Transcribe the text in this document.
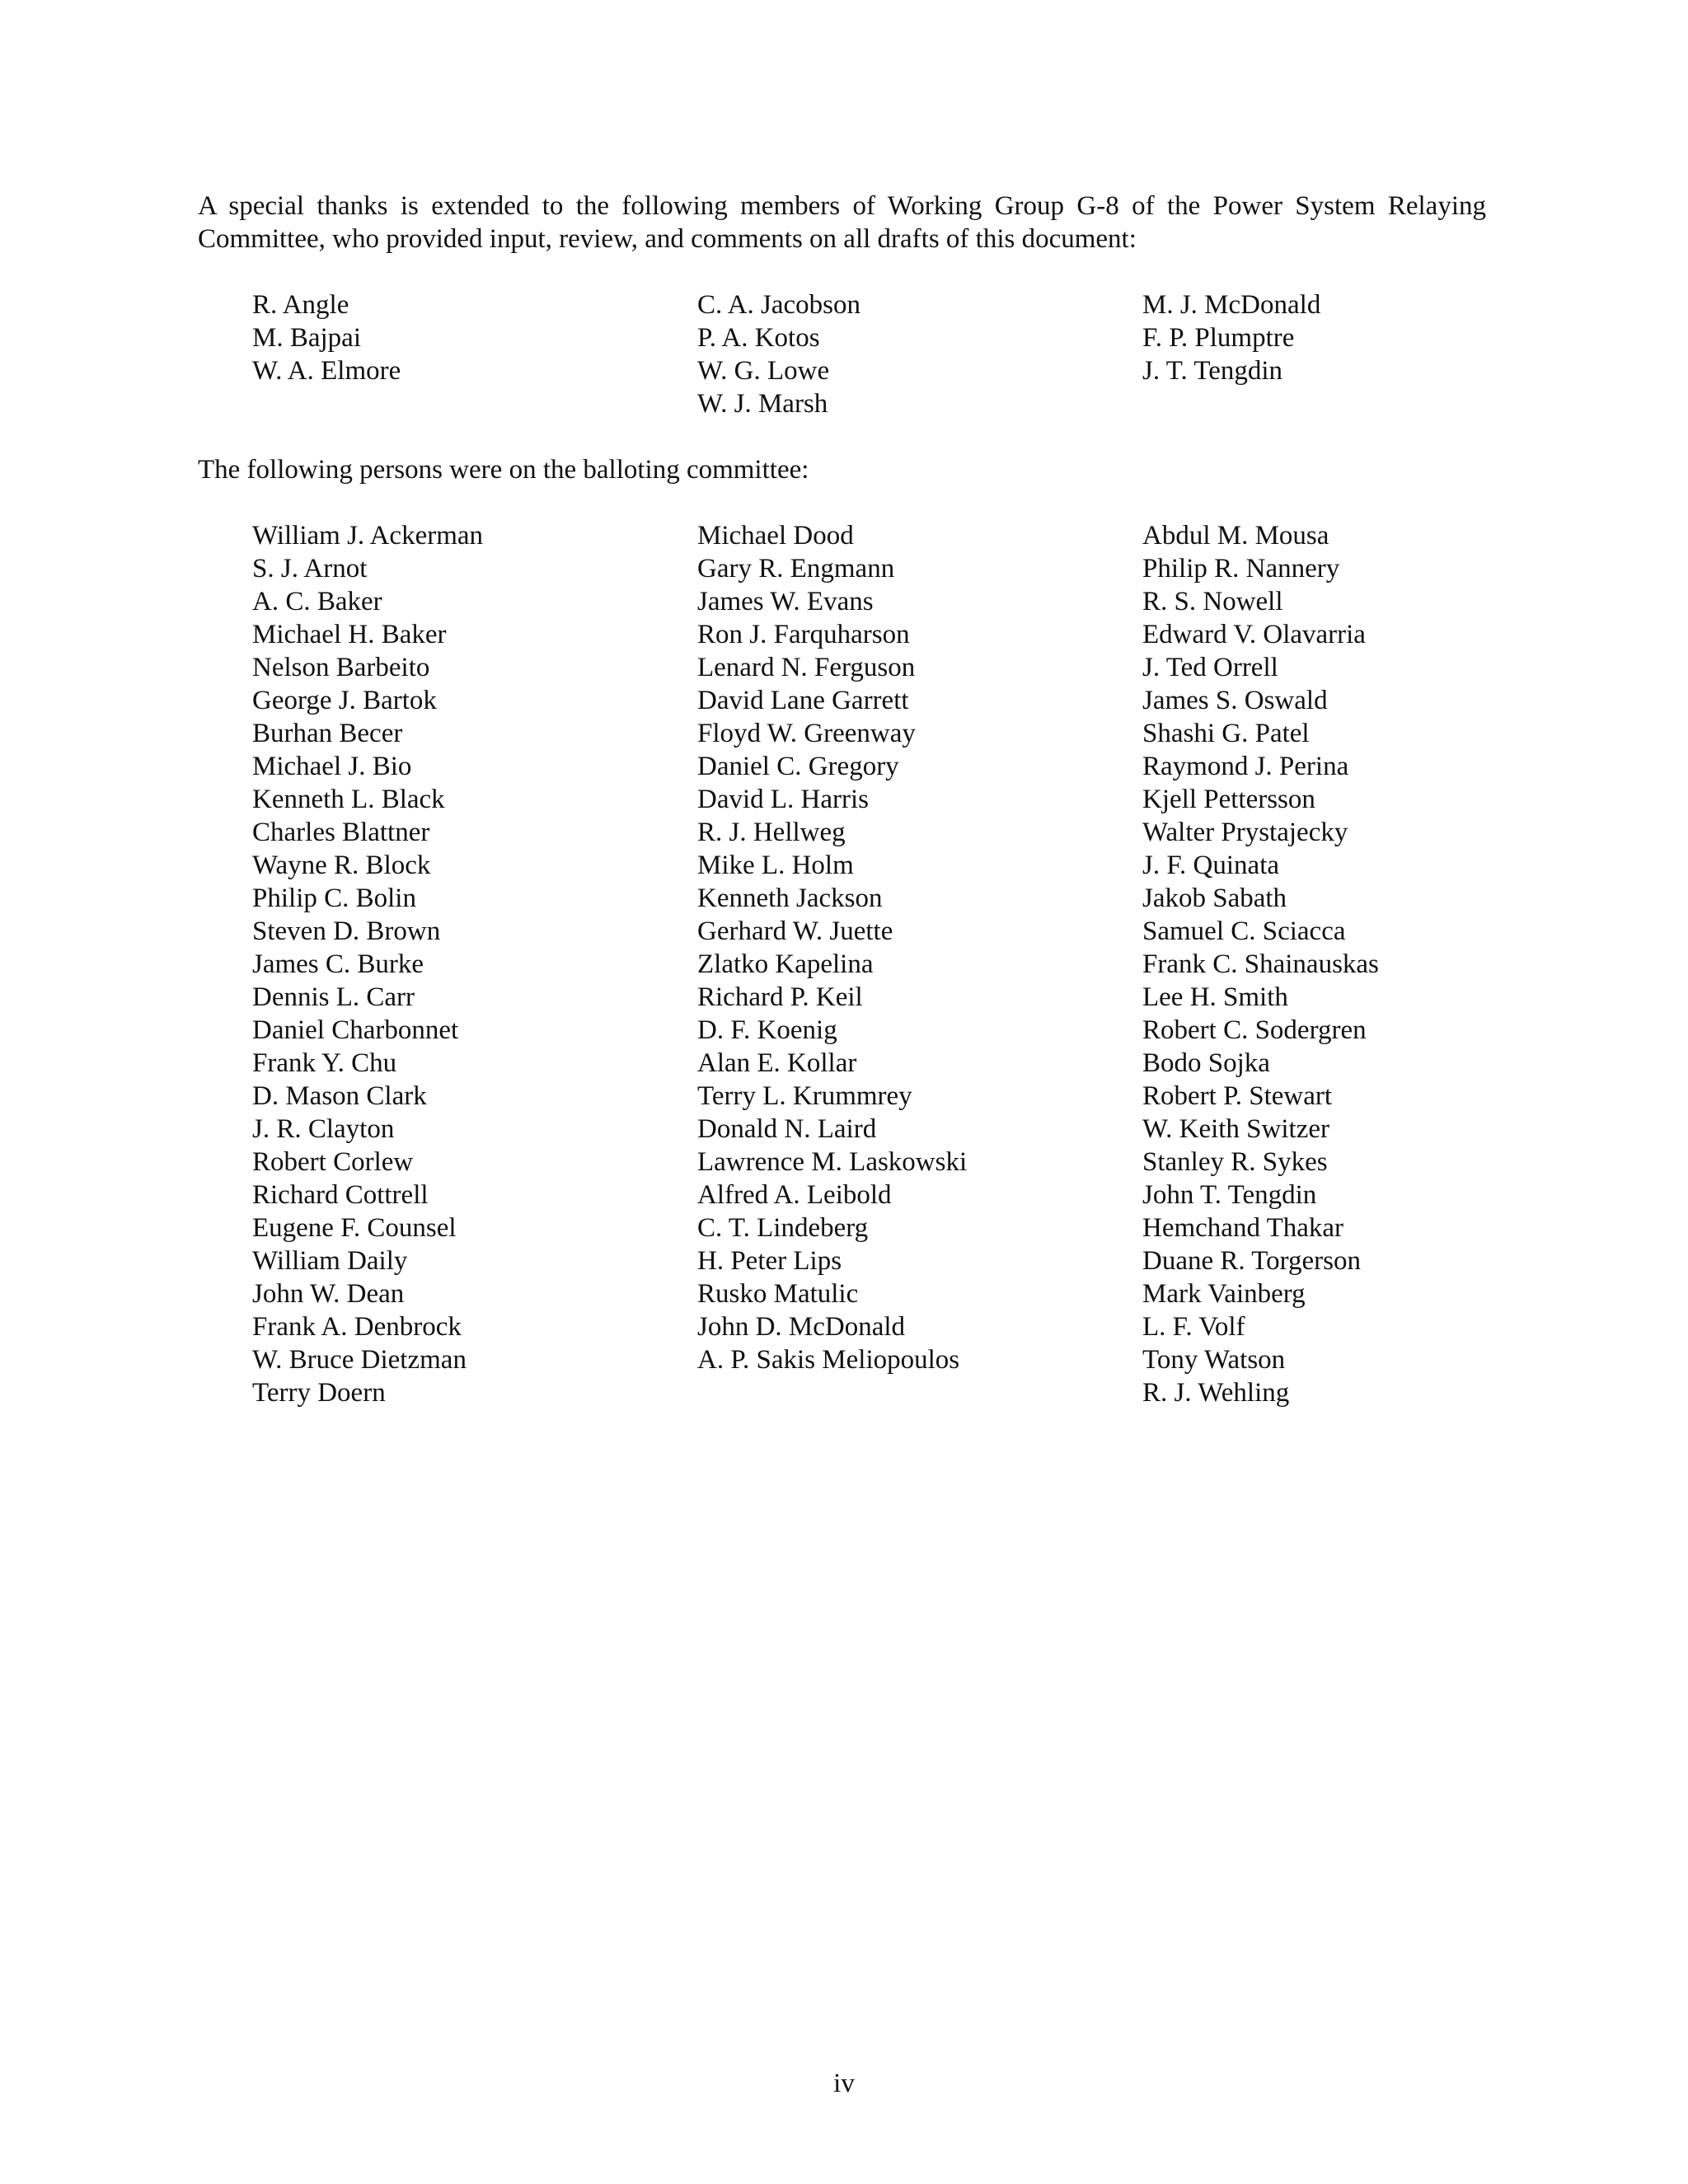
A special thanks is extended to the following members of Working Group G-8 of the Power System Relaying Committee, who provided input, review, and comments on all drafts of this document:

R. Angle
M. Bajpai
W. A. Elmore
C. A. Jacobson
P. A. Kotos
W. G. Lowe
W. J. Marsh
M. J. McDonald
F. P. Plumptre
J. T. Tengdin

The following persons were on the balloting committee:

William J. Ackerman
S. J. Arnot
A. C. Baker
Michael H. Baker
Nelson Barbeito
George J. Bartok
Burhan Becer
Michael J. Bio
Kenneth L. Black
Charles Blattner
Wayne R. Block
Philip C. Bolin
Steven D. Brown
James C. Burke
Dennis L. Carr
Daniel Charbonnet
Frank Y. Chu
D. Mason Clark
J. R. Clayton
Robert Corlew
Richard Cottrell
Eugene F. Counsel
William Daily
John W. Dean
Frank A. Denbrock
W. Bruce Dietzman
Terry Doern
Michael Dood
Gary R. Engmann
James W. Evans
Ron J. Farquharson
Lenard N. Ferguson
David Lane Garrett
Floyd W. Greenway
Daniel C. Gregory
David L. Harris
R. J. Hellweg
Mike L. Holm
Kenneth Jackson
Gerhard W. Juette
Zlatko Kapelina
Richard P. Keil
D. F. Koenig
Alan E. Kollar
Terry L. Krummrey
Donald N. Laird
Lawrence M. Laskowski
Alfred A. Leibold
C. T. Lindeberg
H. Peter Lips
Rusko Matulic
John D. McDonald
A. P. Sakis Meliopoulos
Abdul M. Mousa
Philip R. Nannery
R. S. Nowell
Edward V. Olavarria
J. Ted Orrell
James S. Oswald
Shashi G. Patel
Raymond J. Perina
Kjell Pettersson
Walter Prystajecky
J. F. Quinata
Jakob Sabath
Samuel C. Sciacca
Frank C. Shainauskas
Lee H. Smith
Robert C. Sodergren
Bodo Sojka
Robert P. Stewart
W. Keith Switzer
Stanley R. Sykes
John T. Tengdin
Hemchand Thakar
Duane R. Torgerson
Mark Vainberg
L. F. Volf
Tony Watson
R. J. Wehling

iv
